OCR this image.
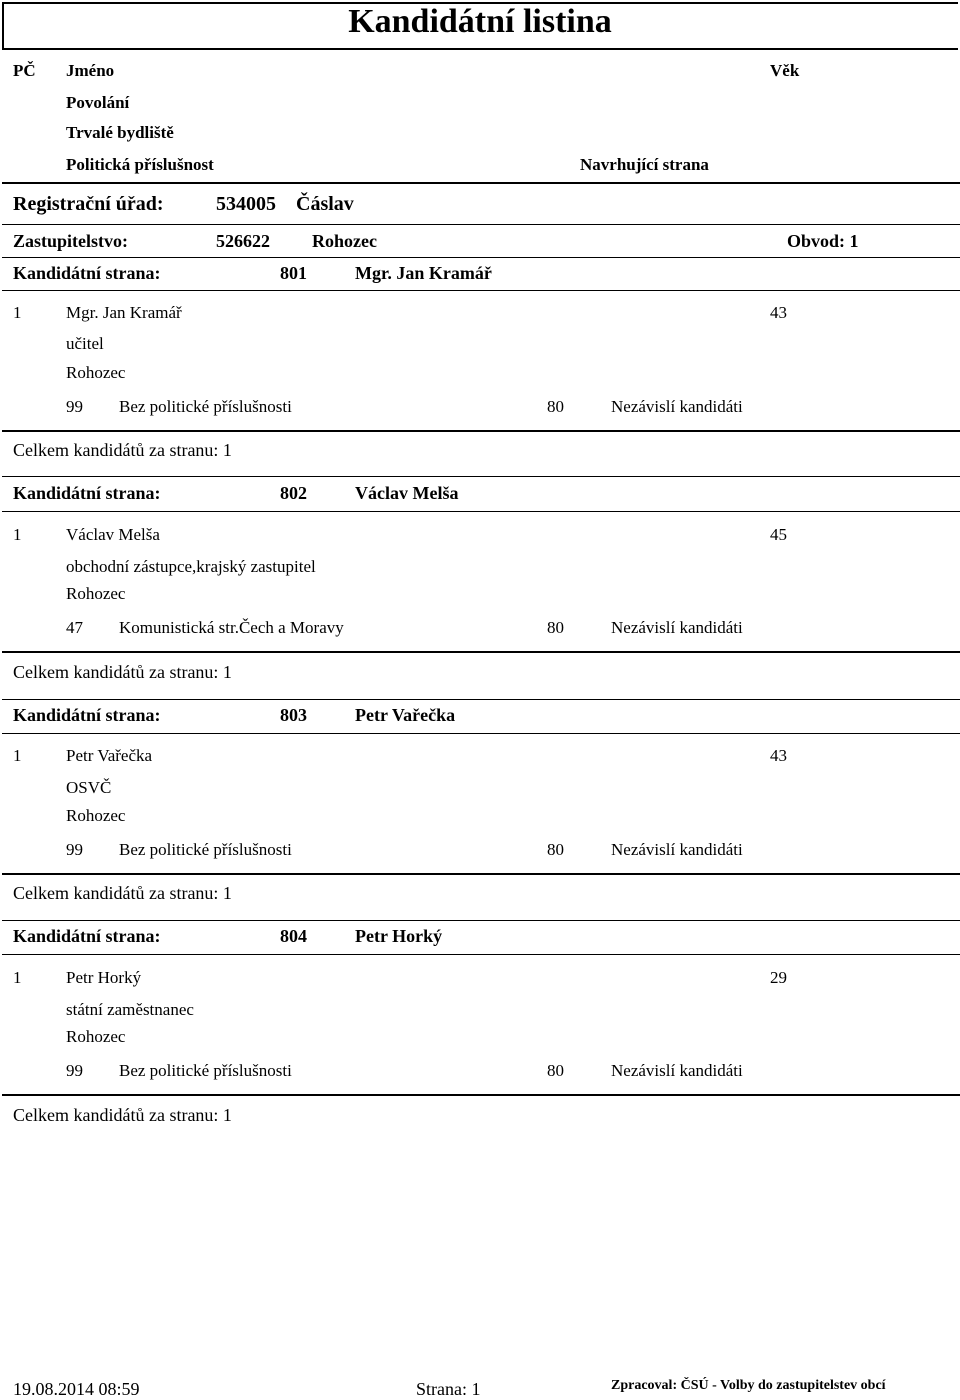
Kandidátní listina
PČ Jméno	Věk
Povolání
Trvalé bydliště
Politická příslušnost	Navrhující strana
Registrační úřad:	534005 Čáslav
Zastupitelstvo:	526622 Rohozec	Obvod: 1
Kandidátní strana:	801	Mgr. Jan Kramář
1	Mgr. Jan Kramář	43
učitel
Rohozec
99 Bez politické příslušnosti	80	Nezávislí kandidáti
Celkem kandidátů za stranu: 1
Kandidátní strana:	802	Václav Melša
1	Václav Melša	45
obchodní zástupce,krajský zastupitel
Rohozec
47 Komunistická str.Čech a Moravy	80	Nezávislí kandidáti
Celkem kandidátů za stranu: 1
Kandidátní strana:	803	Petr Vařečka
1	Petr Vařečka	43
OSVČ
Rohozec
99 Bez politické příslušnosti	80	Nezávislí kandidáti
Celkem kandidátů za stranu: 1
Kandidátní strana:	804	Petr Horký
1	Petr Horký	29
státní zaměstnanec
Rohozec
99 Bez politické příslušnosti	80	Nezávislí kandidáti
Celkem kandidátů za stranu: 1
19.08.2014 08:59	Strana: 1	Zpracoval: ČSÚ - Volby do zastupitelstev obcí
